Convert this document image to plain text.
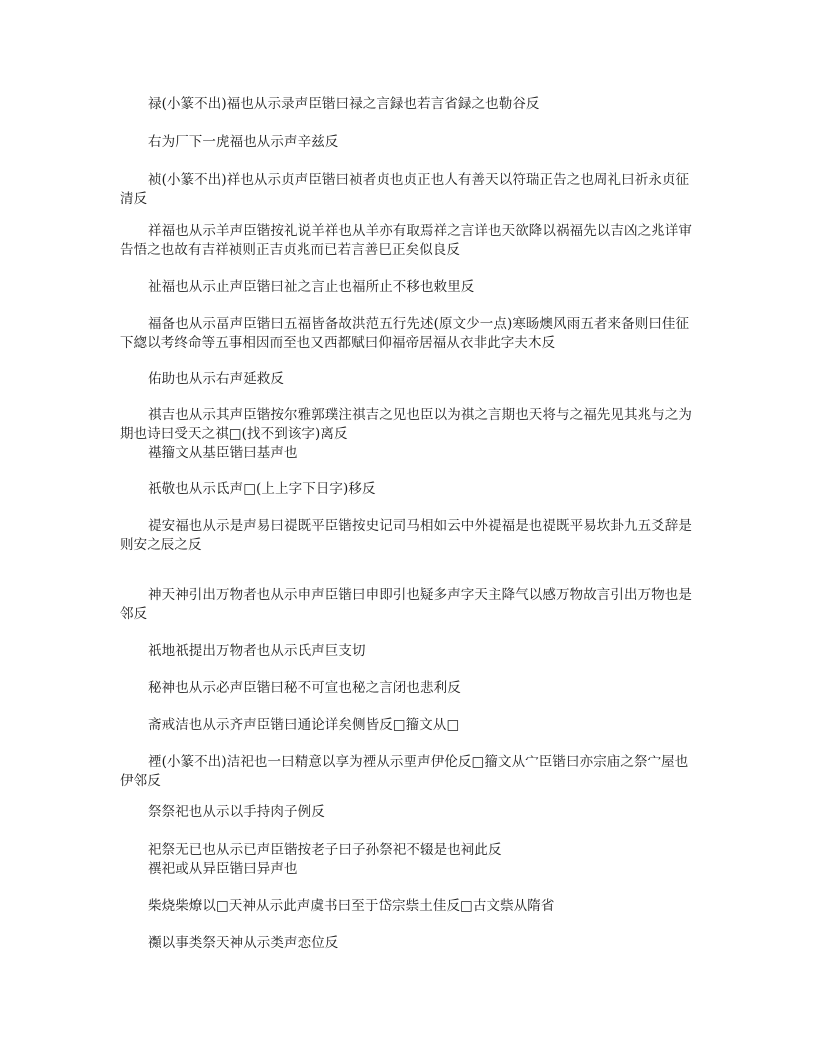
禄(小篆不出)福也从示录声臣锴曰禄之言録也若言省録之也勒谷反

右为厂下一虎福也从示声辛兹反

祯(小篆不出)祥也从示贞声臣锴曰祯者贞也贞正也人有善天以符瑞正告之也周礼曰祈永贞征清反

祥福也从示羊声臣锴按礼说羊祥也从羊亦有取焉祥之言详也天欲降以祸福先以吉凶之兆详审告悟之也故有吉祥祯则正吉贞兆而已若言善巳正矣似良反

祉福也从示止声臣锴曰祉之言止也福所止不移也敕里反

福备也从示畐声臣锴曰五福皆备故洪范五行先述(原文少一点)寒旸燠风雨五者来备则曰佳征下緫以考终命等五事相因而至也又西都赋曰仰福帝居福从衣非此字夫木反

佑助也从示右声延救反

祺吉也从示其声臣锴按尔雅郭璞注祺吉之见也臣以为祺之言期也天将与之福先见其兆与之为期也诗曰受天之祺□(找不到该字)离反

禥籀文从基臣锴曰基声也

祇敬也从示氐声□(上上字下日字)移反

禔安福也从示是声易曰禔既平臣锴按史记司马相如云中外禔福是也禔既平易坎卦九五爻辞是则安之辰之反

神天神引出万物者也从示申声臣锴曰申即引也疑多声字天主降气以感万物故言引出万物也是邻反

祇地祇提出万物者也从示氏声巨支切

秘神也从示必声臣锴曰秘不可宣也秘之言闭也悲利反

斋戒洁也从示齐声臣锴曰通论详矣侧皆反□籀文从□

禋(小篆不出)洁祀也一曰精意以享为禋从示垔声伊伦反□籀文从宀臣锴曰亦宗庙之祭宀屋也伊邻反

祭祭祀也从示以手持肉子例反

祀祭无已也从示已声臣锴按老子曰子孙祭祀不辍是也祠此反

禩祀或从异臣锴曰异声也

柴烧柴燎以□天神从示此声虞书曰至于岱宗祡土佳反□古文祡从隋省

禷以事类祭天神从示类声恋位反
